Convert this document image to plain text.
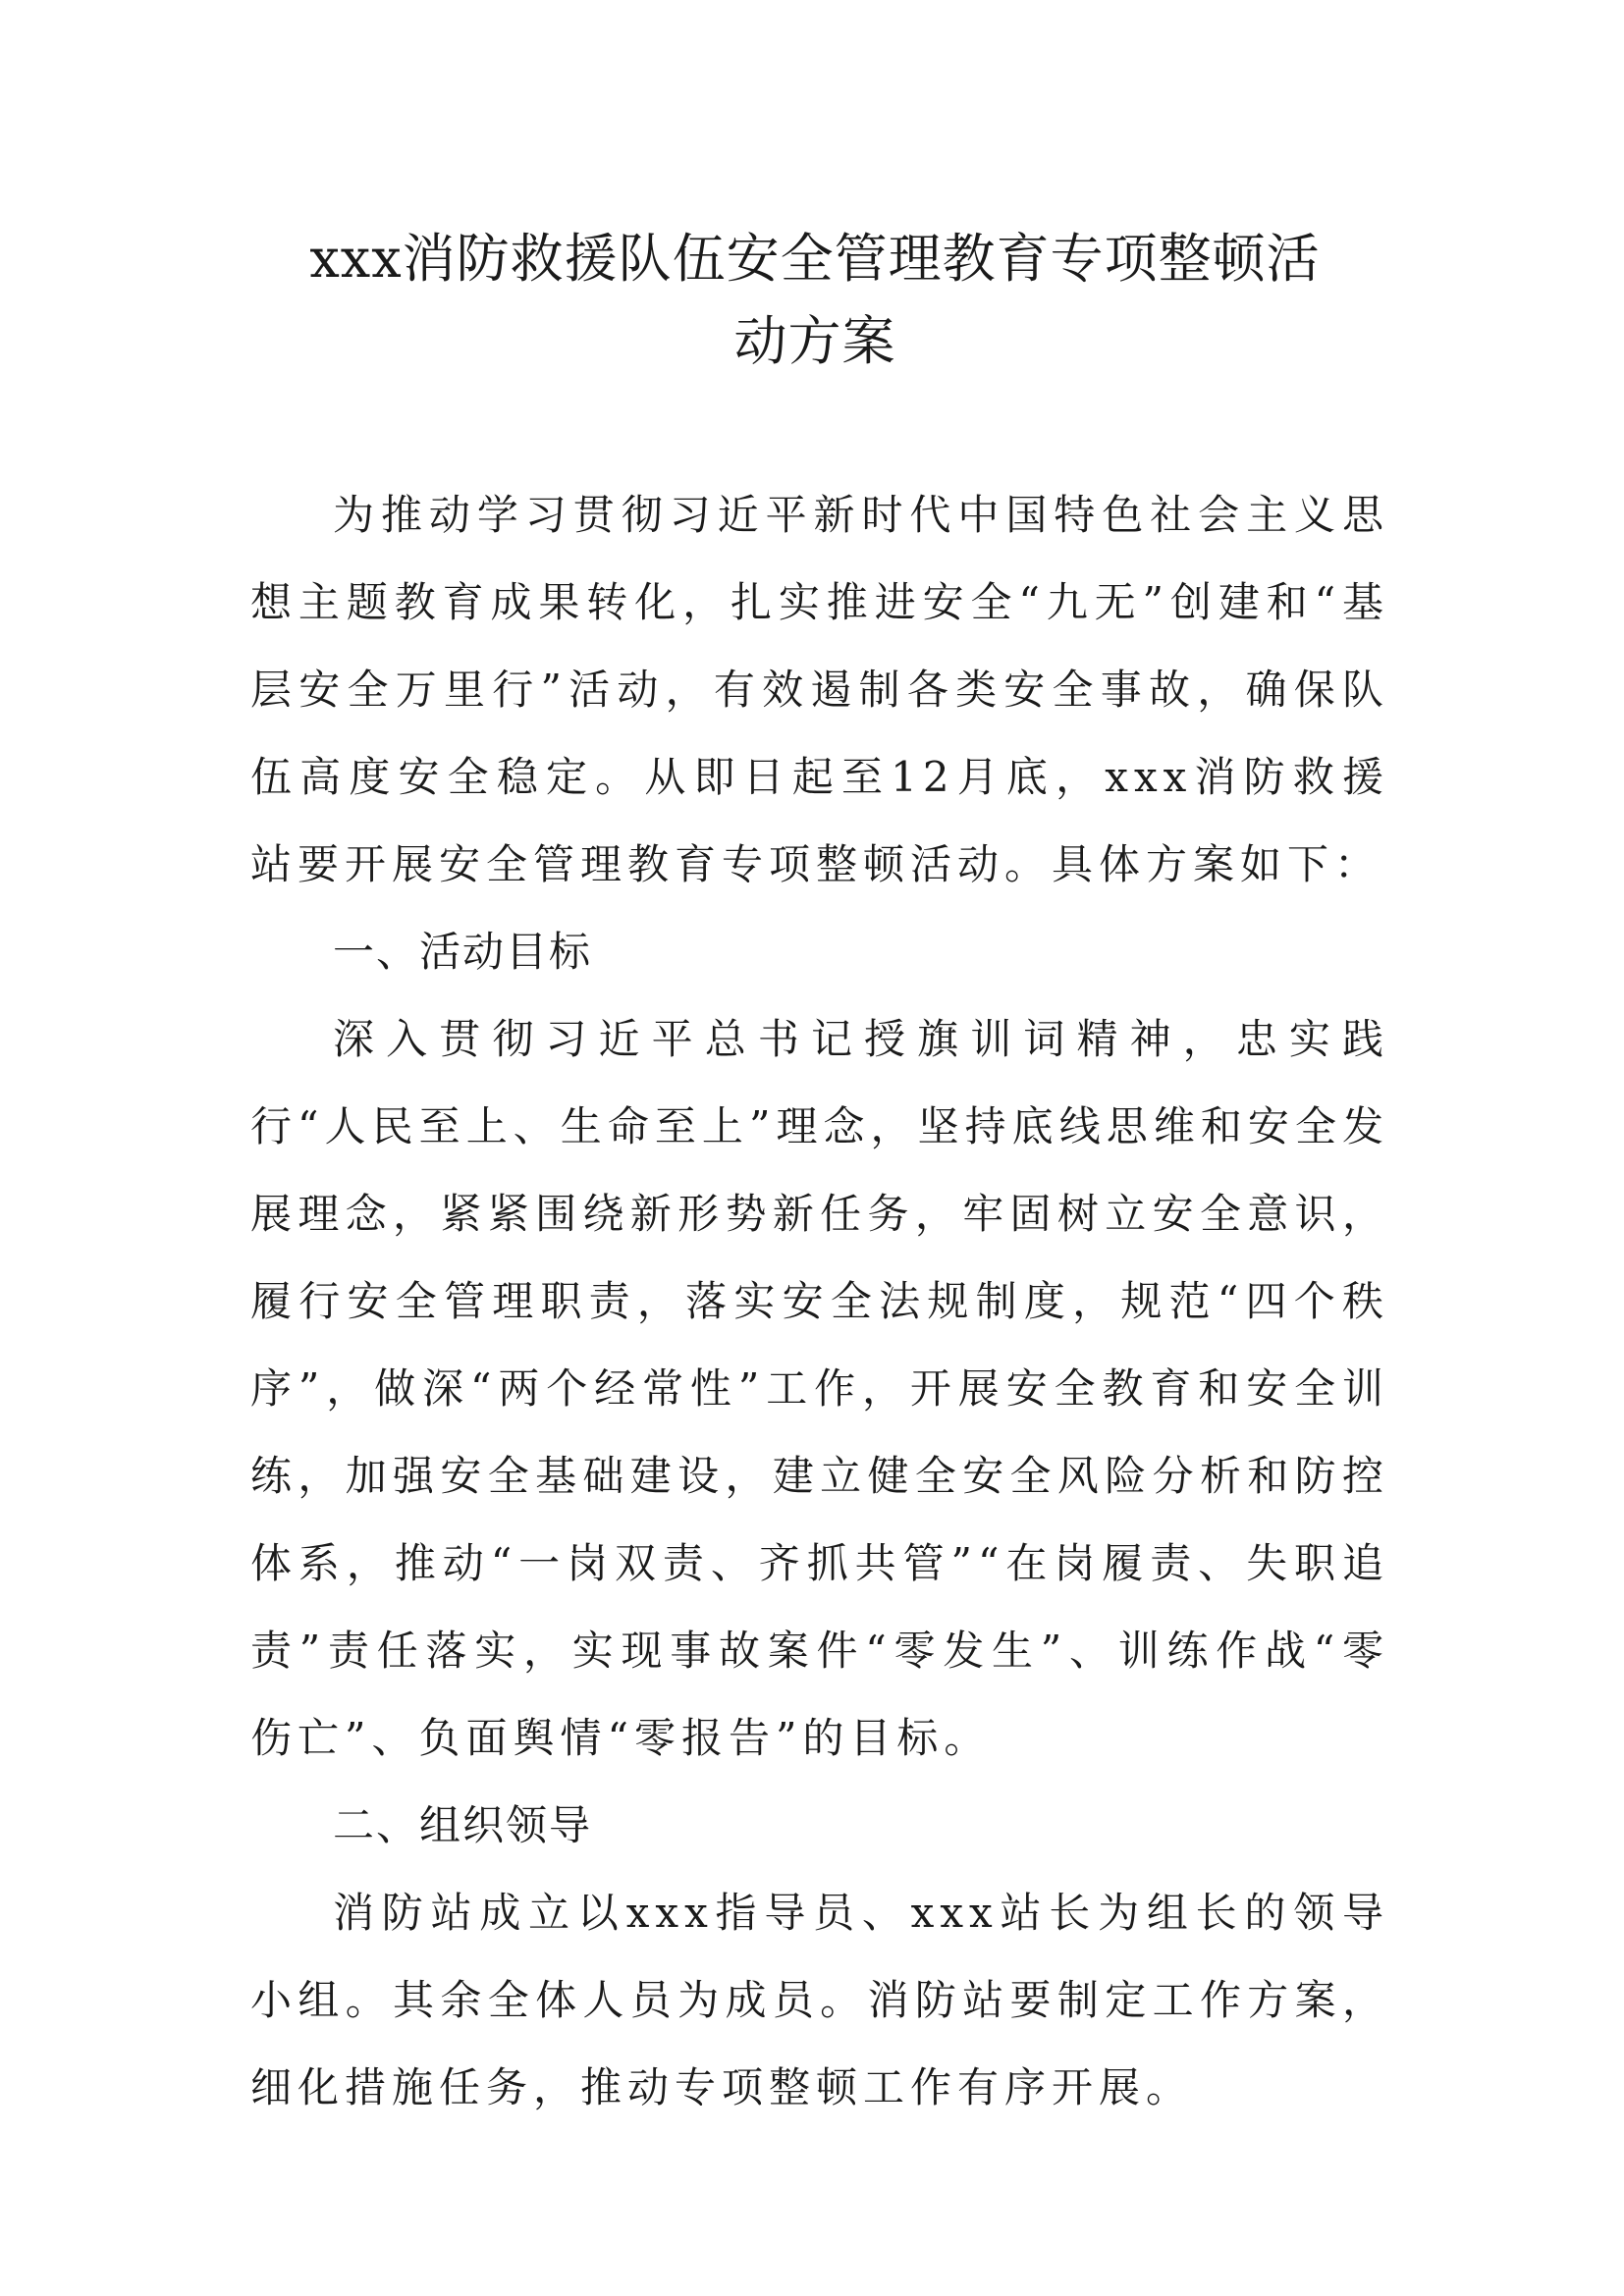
xxx消防救援队伍安全管理教育专项整顿活
动方案

为推动学习贯彻习近平新时代中国特色社会主义思想主题教育成果转化，扎实推进安全“九无”创建和“基层安全万里行”活动，有效遏制各类安全事故，确保队伍高度安全稳定。从即日起至12月底，xxx消防救援站要开展安全管理教育专项整顿活动。具体方案如下：

一、活动目标

深入贯彻习近平总书记授旗训词精神，忠实践行“人民至上、生命至上”理念，坚持底线思维和安全发展理念，紧紧围绕新形势新任务，牢固树立安全意识，履行安全管理职责，落实安全法规制度，规范“四个秩序”，做深“两个经常性”工作，开展安全教育和安全训练，加强安全基础建设，建立健全安全风险分析和防控体系，推动“一岗双责、齐抓共管”“在岗履责、失职追责”责任落实，实现事故案件“零发生”、训练作战“零伤亡”、负面舆情“零报告”的目标。

二、组织领导

消防站成立以xxx指导员、xxx站长为组长的领导小组。其余全体人员为成员。消防站要制定工作方案，细化措施任务，推动专项整顿工作有序开展。
